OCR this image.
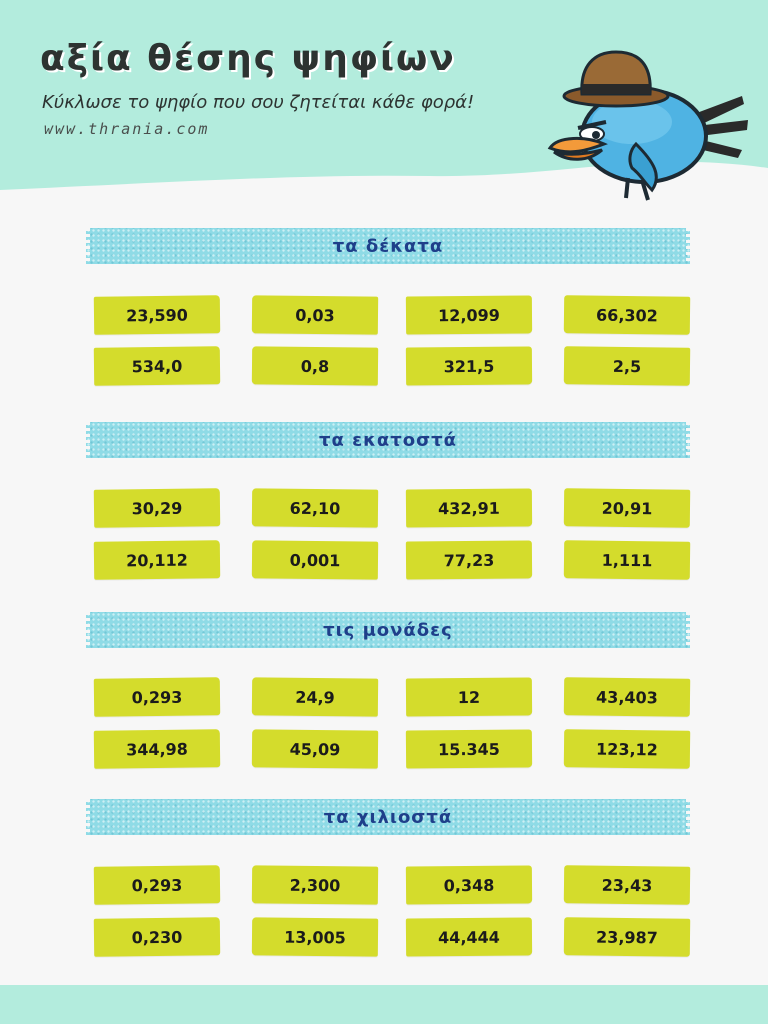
αξία θέσης ψηφίων
Κύκλωσε το ψηφίο που σου ζητείται κάθε φορά!
www.thrania.com
τα δέκατα
23,590	0,03	12,099	66,302
534,0	0,8	321,5	2,5
τα εκατοστά
30,29	62,10	432,91	20,91
20,112	0,001	77,23	1,111
τις μονάδες
0,293	24,9	12	43,403
344,98	45,09	15.345	123,12
τα χιλιοστά
0,293	2,300	0,348	23,43
0,230	13,005	44,444	23,987
